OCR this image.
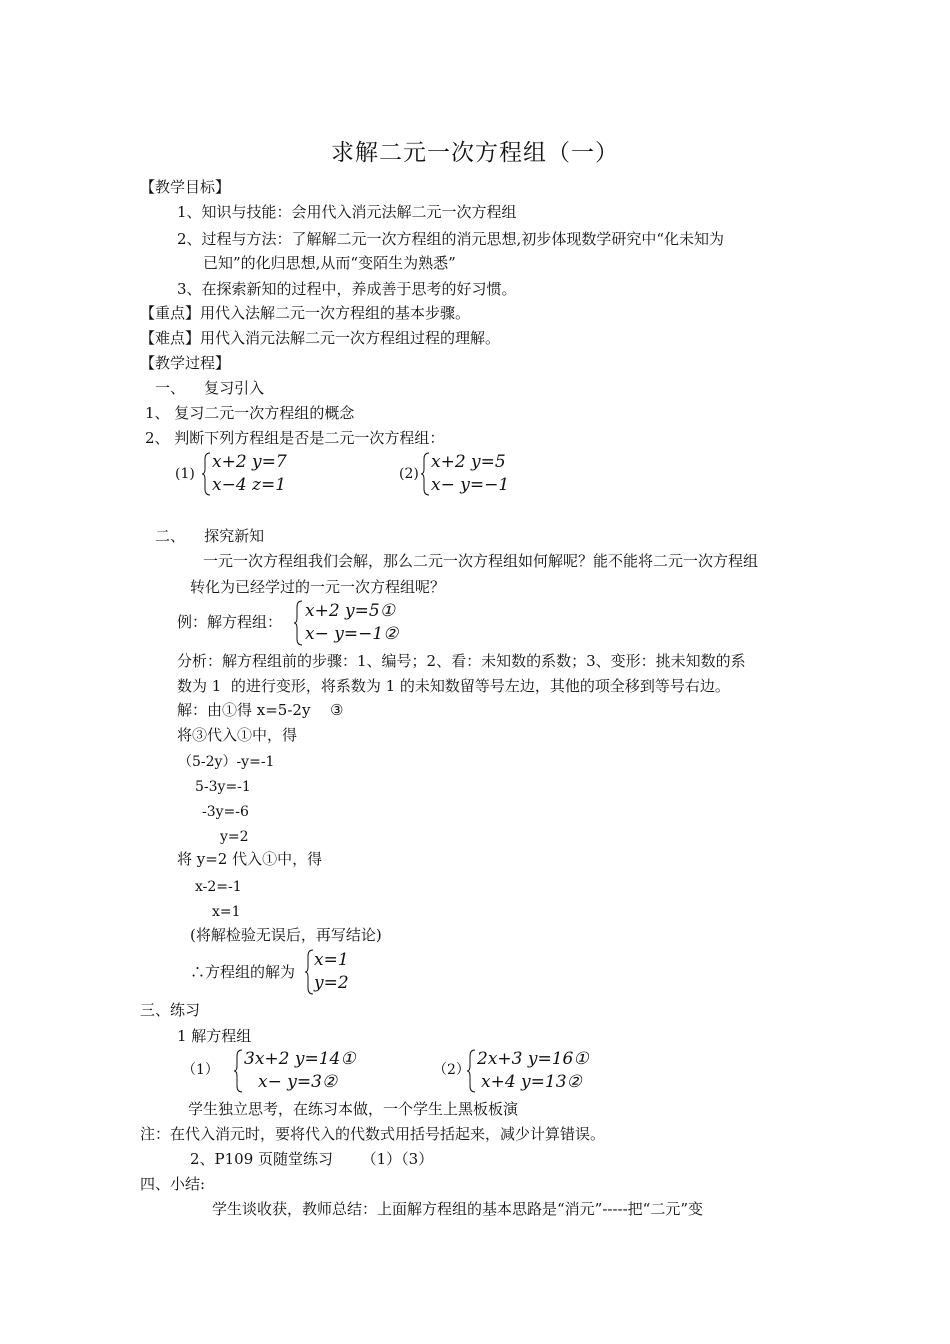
求解二元一次方程组（一）
【教学目标】
1、知识与技能：会用代入消元法解二元一次方程组
2、过程与方法：了解解二元一次方程组的消元思想,初步体现数学研究中“化未知为
已知”的化归思想,从而“变陌生为熟悉”
3、在探索新知的过程中，养成善于思考的好习惯。
【重点】用代入法解二元一次方程组的基本步骤。
【难点】用代入消元法解二元一次方程组过程的理解。
【教学过程】
一、    复习引入
1、 复习二元一次方程组的概念
2、 判断下列方程组是否是二元一次方程组：
(1)
x+2 y=7
x−4 z=1
(2)
x+2 y=5
x− y=−1
二、    探究新知
一元一次方程组我们会解，那么二元一次方程组如何解呢？能不能将二元一次方程组
转化为已经学过的一元一次方程组呢？
例：解方程组：
x+2 y=5①
x− y=−1②
分析：解方程组前的步骤：1、编号；2、看：未知数的系数；3、变形：挑未知数的系
数为 1  的进行变形，将系数为 1 的未知数留等号左边，其他的项全移到等号右边。
解：由①得 x=5-2y ③
将③代入①中，得
（5-2y）-y=-1
5-3y=-1
-3y=-6
y=2
将 y=2 代入①中，得
x-2=-1
x=1
(将解检验无误后，再写结论)
∴方程组的解为
x=1
y=2
三、练习
1 解方程组
（1）
3x+2 y=14①
x− y=3②
（2）
2x+3 y=16①
x+4 y=13②
学生独立思考，在练习本做，一个学生上黑板板演
注：在代入消元时，要将代入的代数式用括号括起来，减少计算错误。
2、P109 页随堂练习      （1）（3）
四、小结:
学生谈收获，教师总结：上面解方程组的基本思路是“消元”-----把“二元”变
